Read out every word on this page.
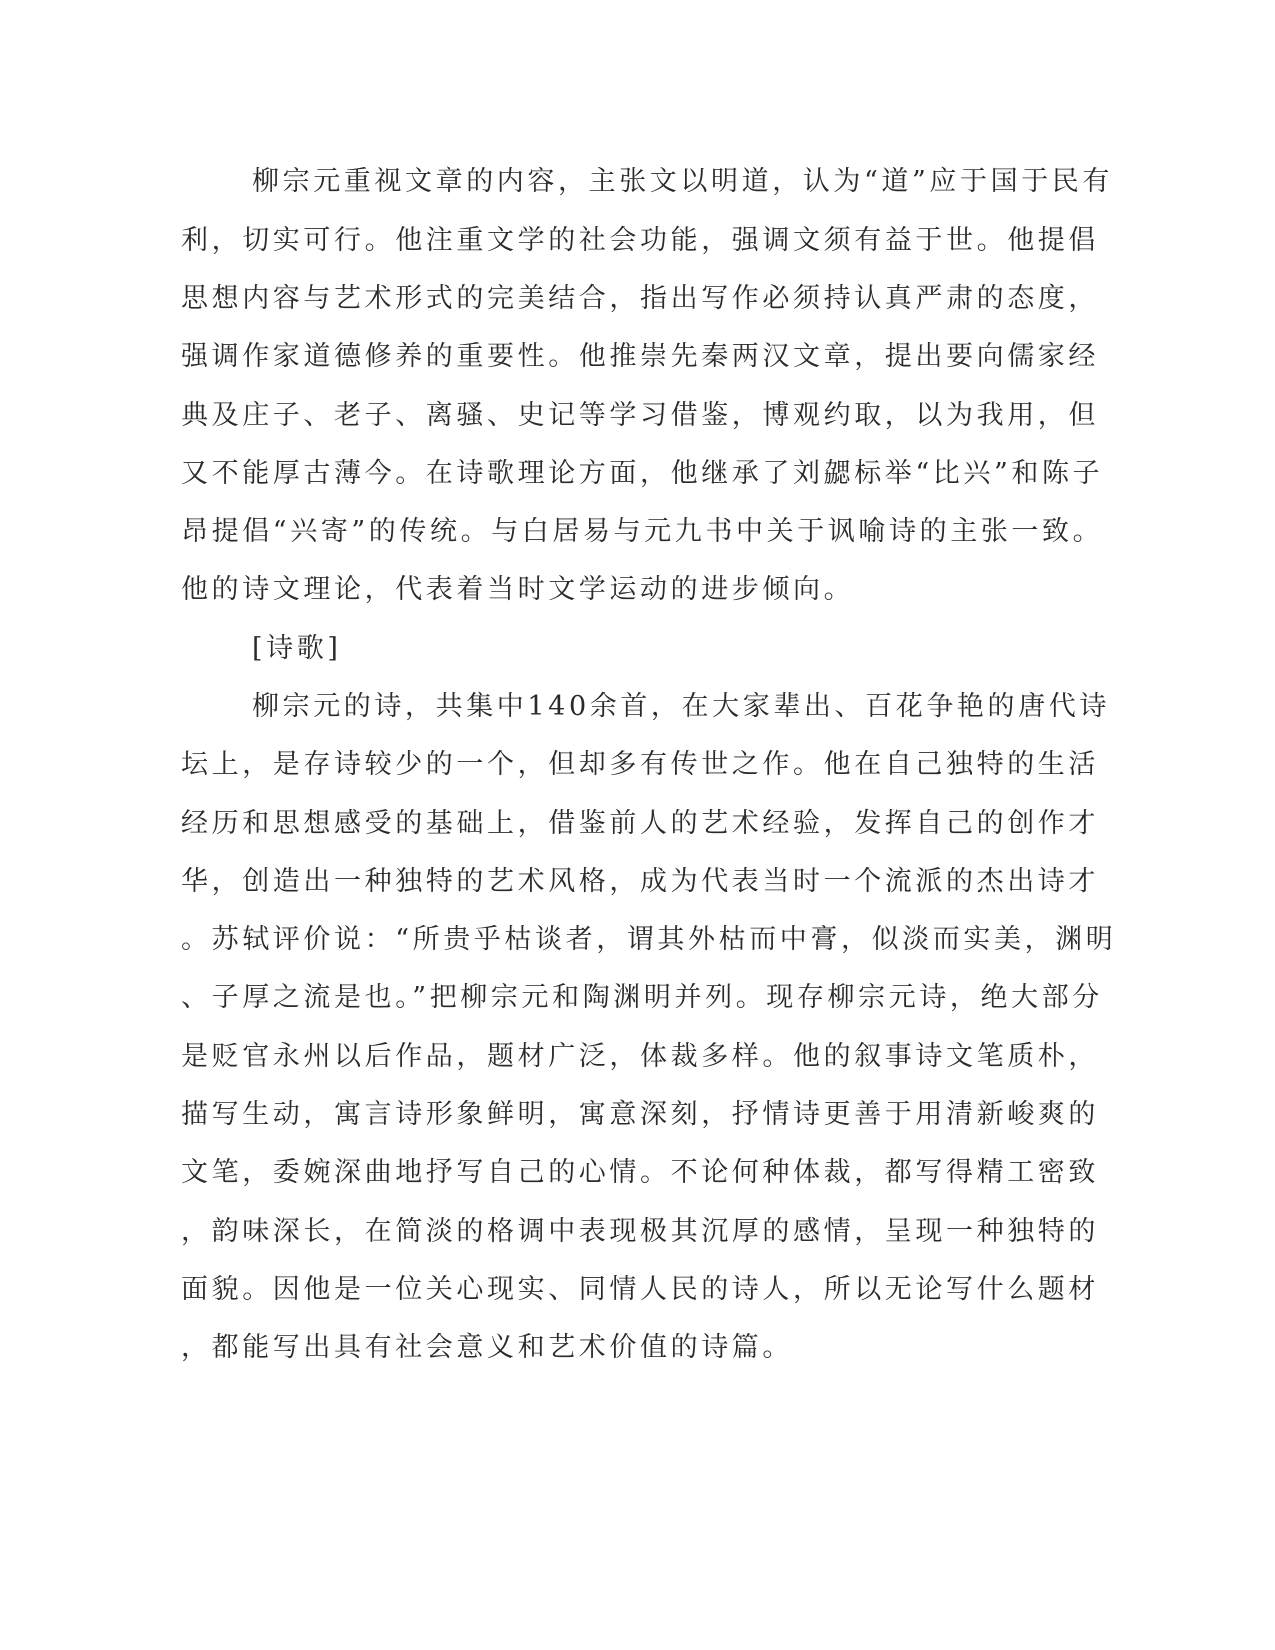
柳宗元重视文章的内容，主张文以明道，认为“道”应于国于民有
利，切实可行。他注重文学的社会功能，强调文须有益于世。他提倡
思想内容与艺术形式的完美结合，指出写作必须持认真严肃的态度，
强调作家道德修养的重要性。他推崇先秦两汉文章，提出要向儒家经
典及庄子、老子、离骚、史记等学习借鉴，博观约取，以为我用，但
又不能厚古薄今。在诗歌理论方面，他继承了刘勰标举“比兴”和陈子
昂提倡“兴寄”的传统。与白居易与元九书中关于讽喻诗的主张一致。
他的诗文理论，代表着当时文学运动的进步倾向。
[诗歌]
柳宗元的诗，共集中140余首，在大家辈出、百花争艳的唐代诗
坛上，是存诗较少的一个，但却多有传世之作。他在自己独特的生活
经历和思想感受的基础上，借鉴前人的艺术经验，发挥自己的创作才
华，创造出一种独特的艺术风格，成为代表当时一个流派的杰出诗才
。苏轼评价说：“所贵乎枯谈者，谓其外枯而中膏，似淡而实美，渊明
、子厚之流是也。”把柳宗元和陶渊明并列。现存柳宗元诗，绝大部分
是贬官永州以后作品，题材广泛，体裁多样。他的叙事诗文笔质朴，
描写生动，寓言诗形象鲜明，寓意深刻，抒情诗更善于用清新峻爽的
文笔，委婉深曲地抒写自己的心情。不论何种体裁，都写得精工密致
，韵味深长，在简淡的格调中表现极其沉厚的感情，呈现一种独特的
面貌。因他是一位关心现实、同情人民的诗人，所以无论写什么题材
，都能写出具有社会意义和艺术价值的诗篇。
